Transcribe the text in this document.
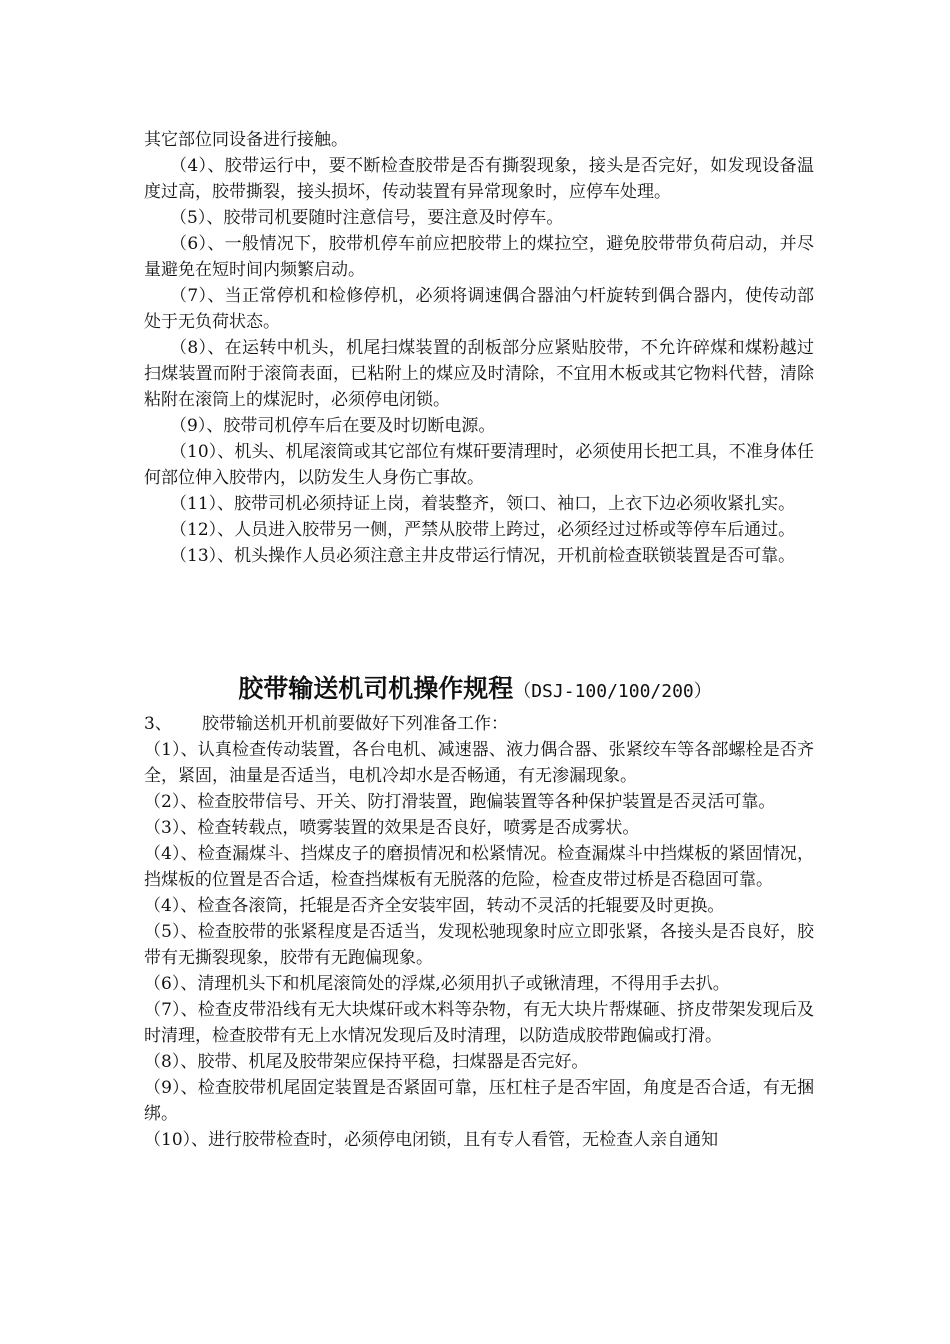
其它部位同设备进行接触。

（4）、胶带运行中，要不断检查胶带是否有撕裂现象，接头是否完好，如发现设备温度过高，胶带撕裂，接头损坏，传动装置有异常现象时，应停车处理。

（5）、胶带司机要随时注意信号，要注意及时停车。

（6）、一般情况下，胶带机停车前应把胶带上的煤拉空，避免胶带带负荷启动，并尽量避免在短时间内频繁启动。

（7）、当正常停机和检修停机，必须将调速偶合器油勺杆旋转到偶合器内，使传动部处于无负荷状态。

（8）、在运转中机头，机尾扫煤装置的刮板部分应紧贴胶带，不允许碎煤和煤粉越过扫煤装置而附于滚筒表面，已粘附上的煤应及时清除，不宜用木板或其它物料代替，清除粘附在滚筒上的煤泥时，必须停电闭锁。

（9）、胶带司机停车后在要及时切断电源。

（10）、机头、机尾滚筒或其它部位有煤矸要清理时，必须使用长把工具，不准身体任何部位伸入胶带内，以防发生人身伤亡事故。

（11）、胶带司机必须持证上岗，着装整齐，领口、袖口，上衣下边必须收紧扎实。

（12）、人员进入胶带另一侧，严禁从胶带上跨过，必须经过过桥或等停车后通过。

（13）、机头操作人员必须注意主井皮带运行情况，开机前检查联锁装置是否可靠。

胶带输送机司机操作规程（DSJ-100/100/200）

3、 胶带输送机开机前要做好下列准备工作：

（1）、认真检查传动装置，各台电机、减速器、液力偶合器、张紧绞车等各部螺栓是否齐全，紧固，油量是否适当，电机冷却水是否畅通，有无渗漏现象。

（2）、检查胶带信号、开关、防打滑装置，跑偏装置等各种保护装置是否灵活可靠。

（3）、检查转载点，喷雾装置的效果是否良好，喷雾是否成雾状。

（4）、检查漏煤斗、挡煤皮子的磨损情况和松紧情况。检查漏煤斗中挡煤板的紧固情况，挡煤板的位置是否合适，检查挡煤板有无脱落的危险，检查皮带过桥是否稳固可靠。

（4）、检查各滚筒，托辊是否齐全安装牢固，转动不灵活的托辊要及时更换。

（5）、检查胶带的张紧程度是否适当，发现松驰现象时应立即张紧，各接头是否良好，胶带有无撕裂现象，胶带有无跑偏现象。

（6）、清理机头下和机尾滚筒处的浮煤,必须用扒子或锹清理，不得用手去扒。

（7）、检查皮带沿线有无大块煤矸或木料等杂物，有无大块片帮煤砸、挤皮带架发现后及时清理，检查胶带有无上水情况发现后及时清理，以防造成胶带跑偏或打滑。

（8）、胶带、机尾及胶带架应保持平稳，扫煤器是否完好。

（9）、检查胶带机尾固定装置是否紧固可靠，压杠柱子是否牢固，角度是否合适，有无捆绑。

（10）、进行胶带检查时，必须停电闭锁，且有专人看管，无检查人亲自通知
